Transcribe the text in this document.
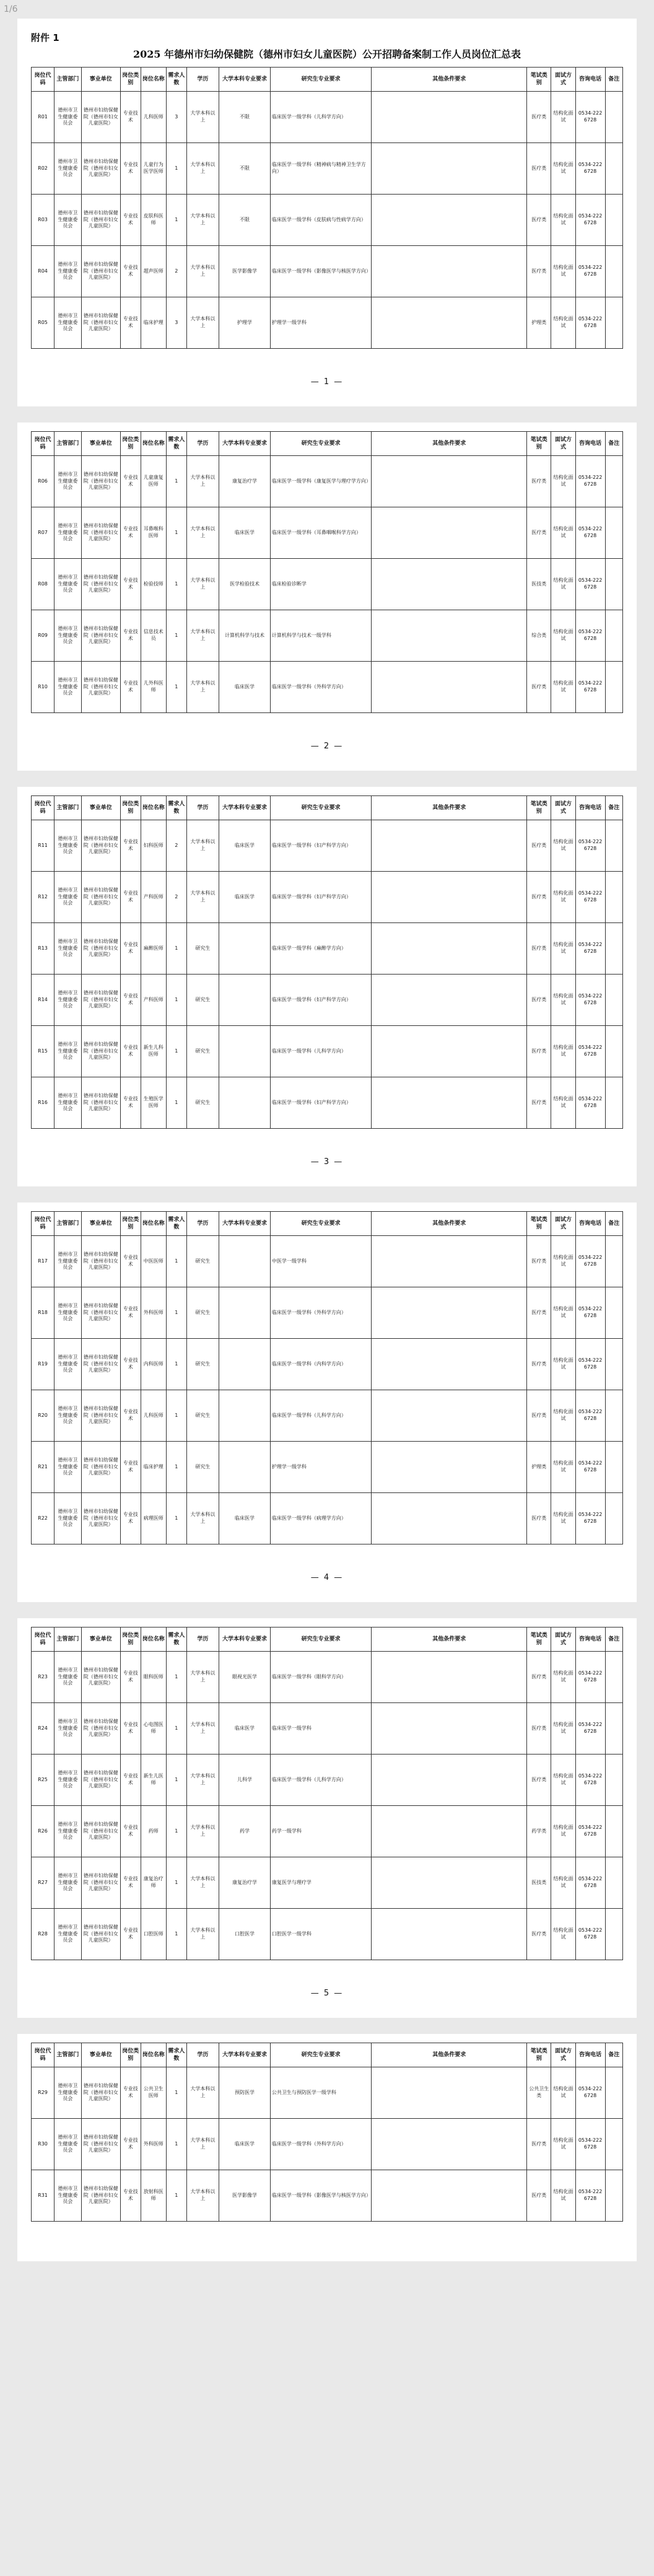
1/6
附件 1
2025 年德州市妇幼保健院（德州市妇女儿童医院）公开招聘备案制工作人员岗位汇总表
岗位代码	主管部门	事业单位	岗位类别	岗位名称	需求人数	学历	大学本科专业要求	研究生专业要求	其他条件要求	笔试类别	面试方式	咨询电话	备注
R01	德州市卫生健康委员会	德州市妇幼保健院（德州市妇女儿童医院）	专业技术	儿科医师	3	大学本科以上	不限	临床医学一级学科（儿科学方向）		医疗类	结构化面试	0534-2226728	
R02	德州市卫生健康委员会	德州市妇幼保健院（德州市妇女儿童医院）	专业技术	儿童行为医学医师	1	大学本科以上	不限	临床医学一级学科（精神病与精神卫生学方向）		医疗类	结构化面试	0534-2226728	
R03	德州市卫生健康委员会	德州市妇幼保健院（德州市妇女儿童医院）	专业技术	皮肤科医师	1	大学本科以上	不限	临床医学一级学科（皮肤病与性病学方向）		医疗类	结构化面试	0534-2226728	
R04	德州市卫生健康委员会	德州市妇幼保健院（德州市妇女儿童医院）	专业技术	超声医师	2	大学本科以上	医学影像学	临床医学一级学科（影像医学与核医学方向）		医疗类	结构化面试	0534-2226728	
R05	德州市卫生健康委员会	德州市妇幼保健院（德州市妇女儿童医院）	专业技术	临床护理	3	大学本科以上	护理学	护理学一级学科		护理类	结构化面试	0534-2226728	
— 1 —
岗位代码	主管部门	事业单位	岗位类别	岗位名称	需求人数	学历	大学本科专业要求	研究生专业要求	其他条件要求	笔试类别	面试方式	咨询电话	备注
R06	德州市卫生健康委员会	德州市妇幼保健院（德州市妇女儿童医院）	专业技术	儿童康复医师	1	大学本科以上	康复治疗学	临床医学一级学科（康复医学与理疗学方向）		医疗类	结构化面试	0534-2226728	
R07	德州市卫生健康委员会	德州市妇幼保健院（德州市妇女儿童医院）	专业技术	耳鼻喉科医师	1	大学本科以上	临床医学	临床医学一级学科（耳鼻咽喉科学方向）		医疗类	结构化面试	0534-2226728	
R08	德州市卫生健康委员会	德州市妇幼保健院（德州市妇女儿童医院）	专业技术	检验技师	1	大学本科以上	医学检验技术	临床检验诊断学		医技类	结构化面试	0534-2226728	
R09	德州市卫生健康委员会	德州市妇幼保健院（德州市妇女儿童医院）	专业技术	信息技术员	1	大学本科以上	计算机科学与技术	计算机科学与技术一级学科		综合类	结构化面试	0534-2226728	
R10	德州市卫生健康委员会	德州市妇幼保健院（德州市妇女儿童医院）	专业技术	儿外科医师	1	大学本科以上	临床医学	临床医学一级学科（外科学方向）		医疗类	结构化面试	0534-2226728	
— 2 —
岗位代码	主管部门	事业单位	岗位类别	岗位名称	需求人数	学历	大学本科专业要求	研究生专业要求	其他条件要求	笔试类别	面试方式	咨询电话	备注
R11	德州市卫生健康委员会	德州市妇幼保健院（德州市妇女儿童医院）	专业技术	妇科医师	2	大学本科以上	临床医学	临床医学一级学科（妇产科学方向）		医疗类	结构化面试	0534-2226728	
R12	德州市卫生健康委员会	德州市妇幼保健院（德州市妇女儿童医院）	专业技术	产科医师	2	大学本科以上	临床医学	临床医学一级学科（妇产科学方向）		医疗类	结构化面试	0534-2226728	
R13	德州市卫生健康委员会	德州市妇幼保健院（德州市妇女儿童医院）	专业技术	麻醉医师	1	研究生		临床医学一级学科（麻醉学方向）		医疗类	结构化面试	0534-2226728	
R14	德州市卫生健康委员会	德州市妇幼保健院（德州市妇女儿童医院）	专业技术	产科医师	1	研究生		临床医学一级学科（妇产科学方向）		医疗类	结构化面试	0534-2226728	
R15	德州市卫生健康委员会	德州市妇幼保健院（德州市妇女儿童医院）	专业技术	新生儿科医师	1	研究生		临床医学一级学科（儿科学方向）		医疗类	结构化面试	0534-2226728	
R16	德州市卫生健康委员会	德州市妇幼保健院（德州市妇女儿童医院）	专业技术	生殖医学医师	1	研究生		临床医学一级学科（妇产科学方向）		医疗类	结构化面试	0534-2226728	
— 3 —
岗位代码	主管部门	事业单位	岗位类别	岗位名称	需求人数	学历	大学本科专业要求	研究生专业要求	其他条件要求	笔试类别	面试方式	咨询电话	备注
R17	德州市卫生健康委员会	德州市妇幼保健院（德州市妇女儿童医院）	专业技术	中医医师	1	研究生		中医学一级学科		医疗类	结构化面试	0534-2226728	
R18	德州市卫生健康委员会	德州市妇幼保健院（德州市妇女儿童医院）	专业技术	外科医师	1	研究生		临床医学一级学科（外科学方向）		医疗类	结构化面试	0534-2226728	
R19	德州市卫生健康委员会	德州市妇幼保健院（德州市妇女儿童医院）	专业技术	内科医师	1	研究生		临床医学一级学科（内科学方向）		医疗类	结构化面试	0534-2226728	
R20	德州市卫生健康委员会	德州市妇幼保健院（德州市妇女儿童医院）	专业技术	儿科医师	1	研究生		临床医学一级学科（儿科学方向）		医疗类	结构化面试	0534-2226728	
R21	德州市卫生健康委员会	德州市妇幼保健院（德州市妇女儿童医院）	专业技术	临床护理	1	研究生		护理学一级学科		护理类	结构化面试	0534-2226728	
R22	德州市卫生健康委员会	德州市妇幼保健院（德州市妇女儿童医院）	专业技术	病理医师	1	大学本科以上	临床医学	临床医学一级学科（病理学方向）		医疗类	结构化面试	0534-2226728	
— 4 —
岗位代码	主管部门	事业单位	岗位类别	岗位名称	需求人数	学历	大学本科专业要求	研究生专业要求	其他条件要求	笔试类别	面试方式	咨询电话	备注
R23	德州市卫生健康委员会	德州市妇幼保健院（德州市妇女儿童医院）	专业技术	眼科医师	1	大学本科以上	眼视光医学	临床医学一级学科（眼科学方向）		医疗类	结构化面试	0534-2226728	
R24	德州市卫生健康委员会	德州市妇幼保健院（德州市妇女儿童医院）	专业技术	心电图医师	1	大学本科以上	临床医学	临床医学一级学科		医疗类	结构化面试	0534-2226728	
R25	德州市卫生健康委员会	德州市妇幼保健院（德州市妇女儿童医院）	专业技术	新生儿医师	1	大学本科以上	儿科学	临床医学一级学科（儿科学方向）		医疗类	结构化面试	0534-2226728	
R26	德州市卫生健康委员会	德州市妇幼保健院（德州市妇女儿童医院）	专业技术	药师	1	大学本科以上	药学	药学一级学科		药学类	结构化面试	0534-2226728	
R27	德州市卫生健康委员会	德州市妇幼保健院（德州市妇女儿童医院）	专业技术	康复治疗师	1	大学本科以上	康复治疗学	康复医学与理疗学		医技类	结构化面试	0534-2226728	
R28	德州市卫生健康委员会	德州市妇幼保健院（德州市妇女儿童医院）	专业技术	口腔医师	1	大学本科以上	口腔医学	口腔医学一级学科		医疗类	结构化面试	0534-2226728	
— 5 —
岗位代码	主管部门	事业单位	岗位类别	岗位名称	需求人数	学历	大学本科专业要求	研究生专业要求	其他条件要求	笔试类别	面试方式	咨询电话	备注
R29	德州市卫生健康委员会	德州市妇幼保健院（德州市妇女儿童医院）	专业技术	公共卫生医师	1	大学本科以上	预防医学	公共卫生与预防医学一级学科		公共卫生类	结构化面试	0534-2226728	
R30	德州市卫生健康委员会	德州市妇幼保健院（德州市妇女儿童医院）	专业技术	外科医师	1	大学本科以上	临床医学	临床医学一级学科（外科学方向）		医疗类	结构化面试	0534-2226728	
R31	德州市卫生健康委员会	德州市妇幼保健院（德州市妇女儿童医院）	专业技术	放射科医师	1	大学本科以上	医学影像学	临床医学一级学科（影像医学与核医学方向）		医疗类	结构化面试	0534-2226728	
